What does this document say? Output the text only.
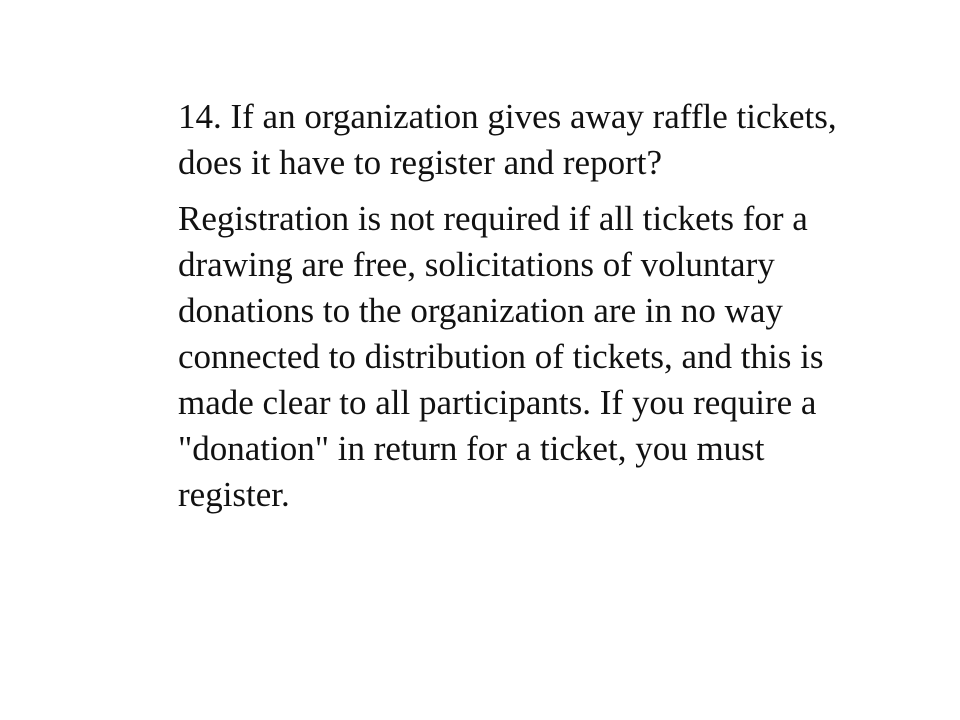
14. If an organization gives away raffle tickets, does it have to register and report?

Registration is not required if all tickets for a drawing are free, solicitations of voluntary donations to the organization are in no way connected to distribution of tickets, and this is made clear to all participants. If you require a "donation" in return for a ticket, you must register.
